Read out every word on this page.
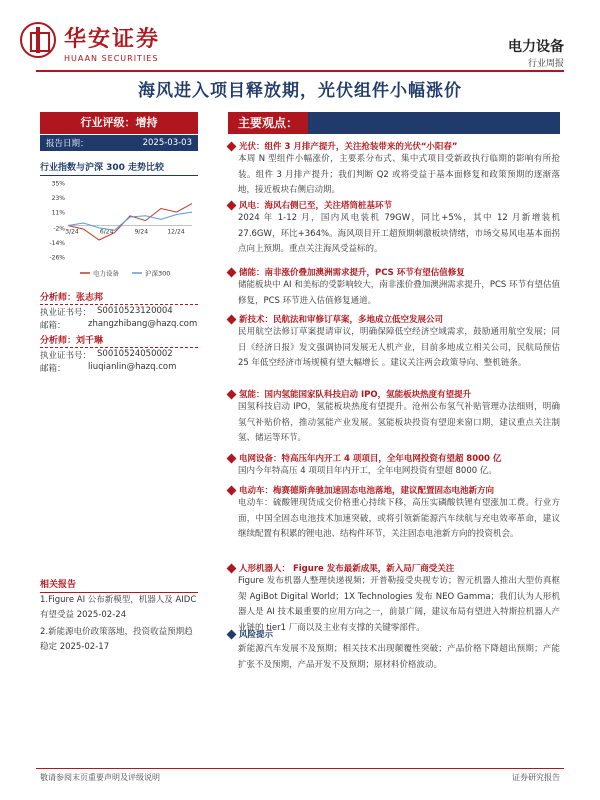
华安证券
HUAAN SECURITIES
电力设备
行业周报
海风进入项目释放期，光伏组件小幅涨价
行业评级：增持
报告日期：	2025-03-03
行业指数与沪深 300 走势比较
35%
23%
11%
-2%
-14%
-26%
3/24	6/24	9/24	12/24
电力设备	沪深300
分析师：张志邦
执业证书号： S0010523120004
邮箱：	zhangzhibang@hazq.com
分析师：刘千琳
执业证书号： S0010524050002
邮箱：	liuqianlin@hazq.com
相关报告
1.Figure AI 公布新模型，机器人及 AIDC 有望受益 2025-02-24
2.新能源电价政策落地，投资收益预期趋稳定 2025-02-17
主要观点：
光伏：组件 3 月排产提升，关注抢装带来的光伏“小阳春”
本周 N 型组件小幅涨价，主要系分布式、集中式项目受新政执行临期的影响有所抢装。组件 3 月排产提升；我们判断 Q2 或将受益于基本面修复和政策预期的逐渐落地，接近板块右侧启动期。
风电：海风右侧已至，关注塔筒桩基环节
2024 年 1-12 月，国内风电装机 79GW，同比+5%，其中 12 月新增装机 27.6GW，环比+364%。海风项目开工超预期刺激板块情绪，市场交易风电基本面拐点向上预期。重点关注海风受益标的。
储能：南非涨价叠加澳洲需求提升，PCS 环节有望估值修复
储能板块中 AI 和美标的受影响较大，南非涨价叠加澳洲需求提升，PCS 环节有望估值修复，PCS 环节进入估值修复通道。
新技术：民航法和审修订草案，多地成立低空发展公司
民用航空法修订草案提请审议，明确保障低空经济空域需求，鼓励通用航空发展；同日《经济日报》发文强调协同发展无人机产业，目前多地成立相关公司，民航局预估 25 年低空经济市场规模有望大幅增长 。建议关注两会政策导向、整机链条。
氢能：国内氢能国家队科技启动 IPO，氢能板块热度有望提升
国氢科技启动 IPO，氢能板块热度有望提升。沧州公布氢气补贴管理办法细则，明确氢气补贴价格，推动氢能产业发展。氢能板块投资有望迎来窗口期，建议重点关注制氢、储运等环节。
电网设备：特高压年内开工 4 项项目，全年电网投资有望超 8000 亿
国内今年特高压 4 项项目年内开工，全年电网投资有望超 8000 亿。
电动车：梅赛德斯奔驰加速固态电池落地，建议配置固态电池新方向
电动车：硫酸锂现货成交价格重心持续下移，高压实磷酸铁锂有望涨加工费。行业方面，中国全固态电池技术加速突破，或将引领新能源汽车续航与充电效率革命，建议继续配置有积累的锂电池、结构件环节，关注固态电池新方向的投资机会。
人形机器人： Figure 发布最新成果，新入局厂商受关注
Figure 发布机器人整理快递视频；开普勒接受央视专访；智元机器人推出大型仿真框架 AgiBot Digital World；1X Technologies 发布 NEO Gamma；我们认为人形机器人是 AI 技术最重要的应用方向之一，前景广阔，建议布局有望进入特斯拉机器人产业链的 tier1 厂商以及主业有支撑的关键零部件。
风险提示
新能源汽车发展不及预期；相关技术出现颠覆性突破；产品价格下降超出预期；产能扩张不及预期，产品开发不及预期；原材料价格波动。
敬请参阅末页重要声明及评级说明	证券研究报告
